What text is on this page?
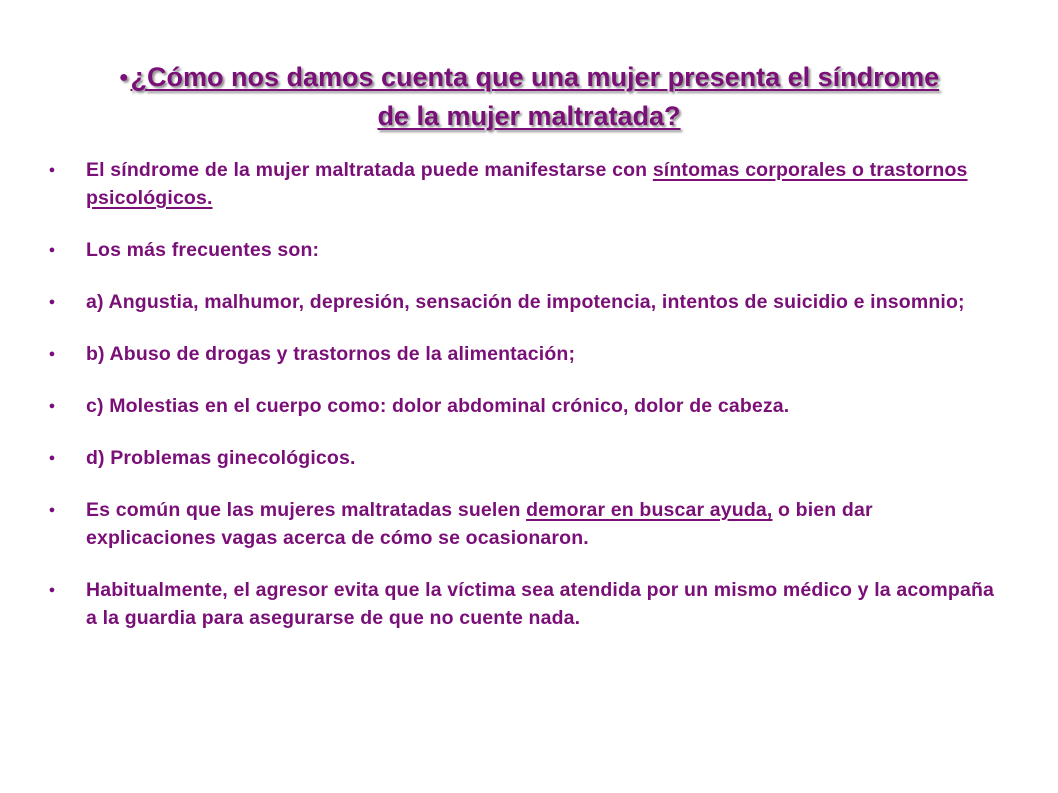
●¿Cómo nos damos cuenta que una mujer presenta el síndrome de la mujer maltratada?
● El síndrome de la mujer maltratada puede manifestarse con síntomas corporales o trastornos psicológicos.
● Los más frecuentes son:
● a) Angustia, malhumor, depresión, sensación de impotencia, intentos de suicidio e insomnio;
● b) Abuso de drogas y trastornos de la alimentación;
● c) Molestias en el cuerpo como: dolor abdominal crónico, dolor de cabeza.
● d) Problemas ginecológicos.
● Es común que las mujeres maltratadas suelen demorar en buscar ayuda, o bien dar explicaciones vagas acerca de cómo se ocasionaron.
● Habitualmente, el agresor evita que la víctima sea atendida por un mismo médico y la acompaña a la guardia para asegurarse de que no cuente nada.
